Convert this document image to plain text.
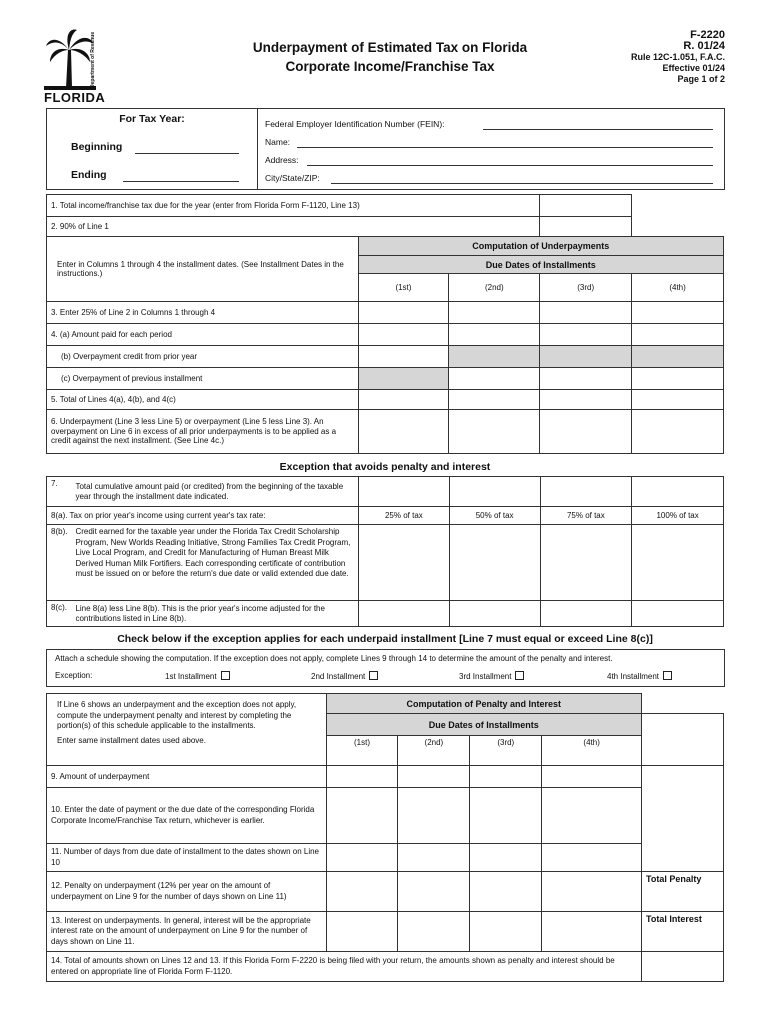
Department of Revenue
FLORIDA
Underpayment of Estimated Tax on Florida
Corporate Income/Franchise Tax
F-2220
R. 01/24
Rule 12C-1.051, F.A.C.
Effective 01/24
Page 1 of 2
For Tax Year:
Beginning
Ending
Federal Employer Identification Number (FEIN):
Name:
Address:
City/State/ZIP:
1. Total income/franchise tax due for the year (enter from Florida Form F-1120, Line 13)				
2. 90% of Line 1				
Enter in Columns 1 through 4 the installment dates. (See Installment Dates in the instructions.)	Computation of Underpayments			
	Due Dates of Installments			
	(1st)	(2nd)	(3rd)	(4th)
3. Enter 25% of Line 2 in Columns 1 through 4				
4. (a) Amount paid for each period				
(b) Overpayment credit from prior year				
(c) Overpayment of previous installment				
5. Total of Lines 4(a), 4(b), and 4(c)				
6. Underpayment (Line 3 less Line 5) or overpayment (Line 5 less Line 3). An overpayment on Line 6 in excess of all prior underpayments is to be applied as a credit against the next installment. (See Line 4c.)				
Exception that avoids penalty and interest
7.	Total cumulative amount paid (or credited) from the beginning of the taxable year through the installment date indicated.				
8(a). Tax on prior year's income using current year's tax rate:		25% of tax	50% of tax	75% of tax	100% of tax
8(b).	Credit earned for the taxable year under the Florida Tax Credit Scholarship Program, New Worlds Reading Initiative, Strong Families Tax Credit Program, Live Local Program, and Credit for Manufacturing of Human Breast Milk Derived Human Milk Fortifiers. Each corresponding certificate of contribution must be issued on or before the return's due date or valid extended due date.				
8(c).	Line 8(a) less Line 8(b). This is the prior year's income adjusted for the contributions listed in Line 8(b).				
Check below if the exception applies for each underpaid installment [Line 7 must equal or exceed Line 8(c)]
Attach a schedule showing the computation. If the exception does not apply, complete Lines 9 through 14 to determine the amount of the penalty and interest.
Exception:	1st Installment	2nd Installment	3rd Installment	4th Installment
If Line 6 shows an underpayment and the exception does not apply, compute the underpayment penalty and interest by completing the portion(s) of this schedule applicable to the installments.
Enter same installment dates used above.	Computation of Penalty and Interest				
	Due Dates of Installments				
	(1st)	(2nd)	(3rd)	(4th)	
9. Amount of underpayment					
10. Enter the date of payment or the due date of the corresponding Florida Corporate Income/Franchise Tax return, whichever is earlier.					
11. Number of days from due date of installment to the dates shown on Line 10					
12. Penalty on underpayment (12% per year on the amount of underpayment on Line 9 for the number of days shown on Line 11)					Total Penalty
13. Interest on underpayments. In general, interest will be the appropriate interest rate on the amount of underpayment on Line 9 for the number of days shown on Line 11.					Total Interest
14. Total of amounts shown on Lines 12 and 13. If this Florida Form F-2220 is being filed with your return, the amounts shown as penalty and interest should be entered on appropriate line of Florida Form F-1120.					
